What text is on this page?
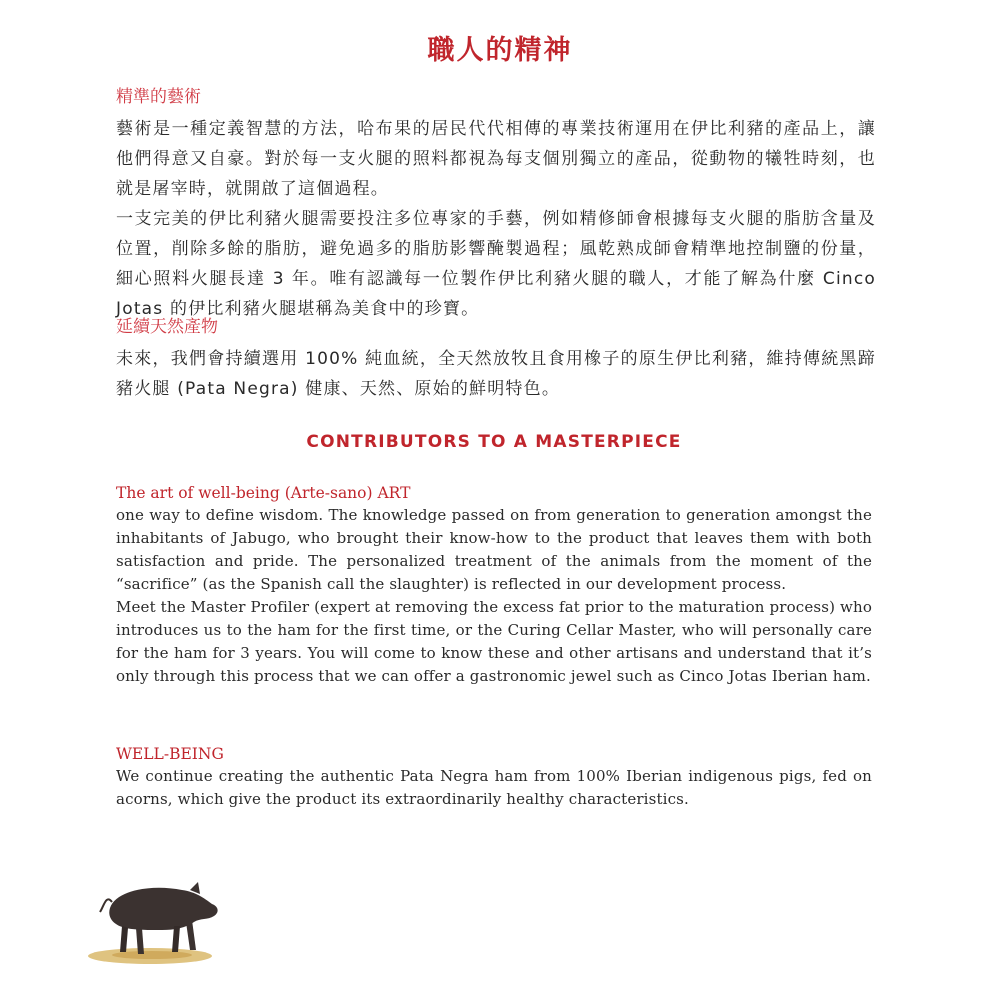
職人的精神
精準的藝術

藝術是一種定義智慧的方法，哈布果的居民代代相傳的專業技術運用在伊比利豬的產品上，讓他們得意又自豪。對於每一支火腿的照料都視為每支個別獨立的產品，從動物的犧牲時刻，也就是屠宰時，就開啟了這個過程。

一支完美的伊比利豬火腿需要投注多位專家的手藝，例如精修師會根據每支火腿的脂肪含量及位置，削除多餘的脂肪，避免過多的脂肪影響醃製過程；風乾熟成師會精準地控制鹽的份量，細心照料火腿長達 3 年。唯有認識每一位製作伊比利豬火腿的職人，才能了解為什麼 Cinco Jotas 的伊比利豬火腿堪稱為美食中的珍寶。

延續天然產物

未來，我們會持續選用 100% 純血統，全天然放牧且食用橡子的原生伊比利豬，維持傳統黑蹄豬火腿 (Pata Negra) 健康、天然、原始的鮮明特色。

CONTRIBUTORS TO A MASTERPIECE
The art of well-being (Arte-sano) ART

one way to define wisdom. The knowledge passed on from generation to generation amongst the inhabitants of Jabugo, who brought their know-how to the product that leaves them with both satisfaction and pride. The personalized treatment of the animals from the moment of the “sacrifice” (as the Spanish call the slaughter) is reflected in our development process.

Meet the Master Profiler (expert at removing the excess fat prior to the maturation process) who introduces us to the ham for the first time, or the Curing Cellar Master, who will personally care for the ham for 3 years. You will come to know these and other artisans and understand that it’s only through this process that we can offer a gastronomic jewel such as Cinco Jotas Iberian ham.

WELL-BEING

We continue creating the authentic Pata Negra ham from 100% Iberian indigenous pigs, fed on acorns, which give the product its extraordinarily healthy characteristics.
